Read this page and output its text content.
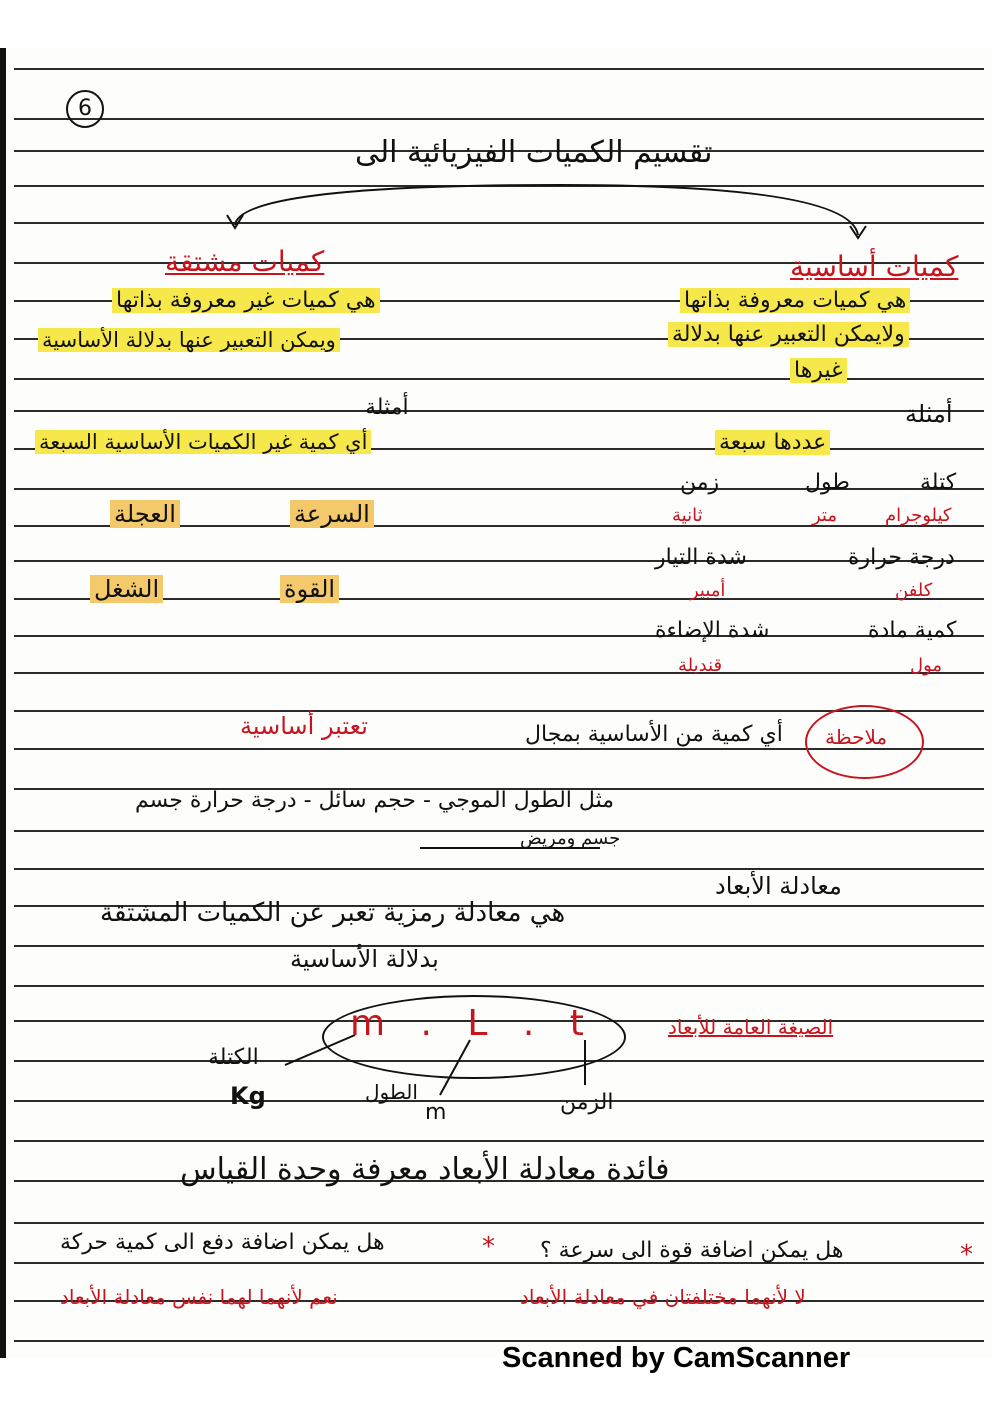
6
تقسيم الكميات الفيزيائية الى
كميات أساسية
هي كميات معروفة بذاتها
ولايمكن التعبير عنها بدلالة
غيرها
أمثلة
عددها سبعة
كتلة
كيلوجرام
طول
متر
زمن
ثانية
درجة حرارة
كلفن
شدة التيار
أمبير
كمية مادة
مول
شدة الإضاءة
قنديلة
كميات مشتقة
هي كميات غير معروفة بذاتها
ويمكن التعبير عنها بدلالة الأساسية
أمثلة
أي كمية غير الكميات الأساسية السبعة
السرعة
العجلة
القوة
الشغل
ملاحظة
أي كمية من الأساسية بمجال
تعتبر أساسية
مثل الطول الموجي - حجم سائل - درجة حرارة جسم
جسم ومريض
معادلة الأبعاد
هي معادلة رمزية تعبر عن الكميات المشتقة
بدلالة الأساسية
m . L . t	الصيغة العامة للأبعاد
الكتلة
Kg	الطول
m	الزمن
فائدة معادلة الأبعاد معرفة وحدة القياس
*
هل يمكن اضافة قوة الى سرعة ؟
لا لأنهما مختلفتان في معادلة الأبعاد
*
هل يمكن اضافة دفع الى كمية حركة
نعم لأنهما لهما نفس معادلة الأبعاد
Scanned by CamScanner
